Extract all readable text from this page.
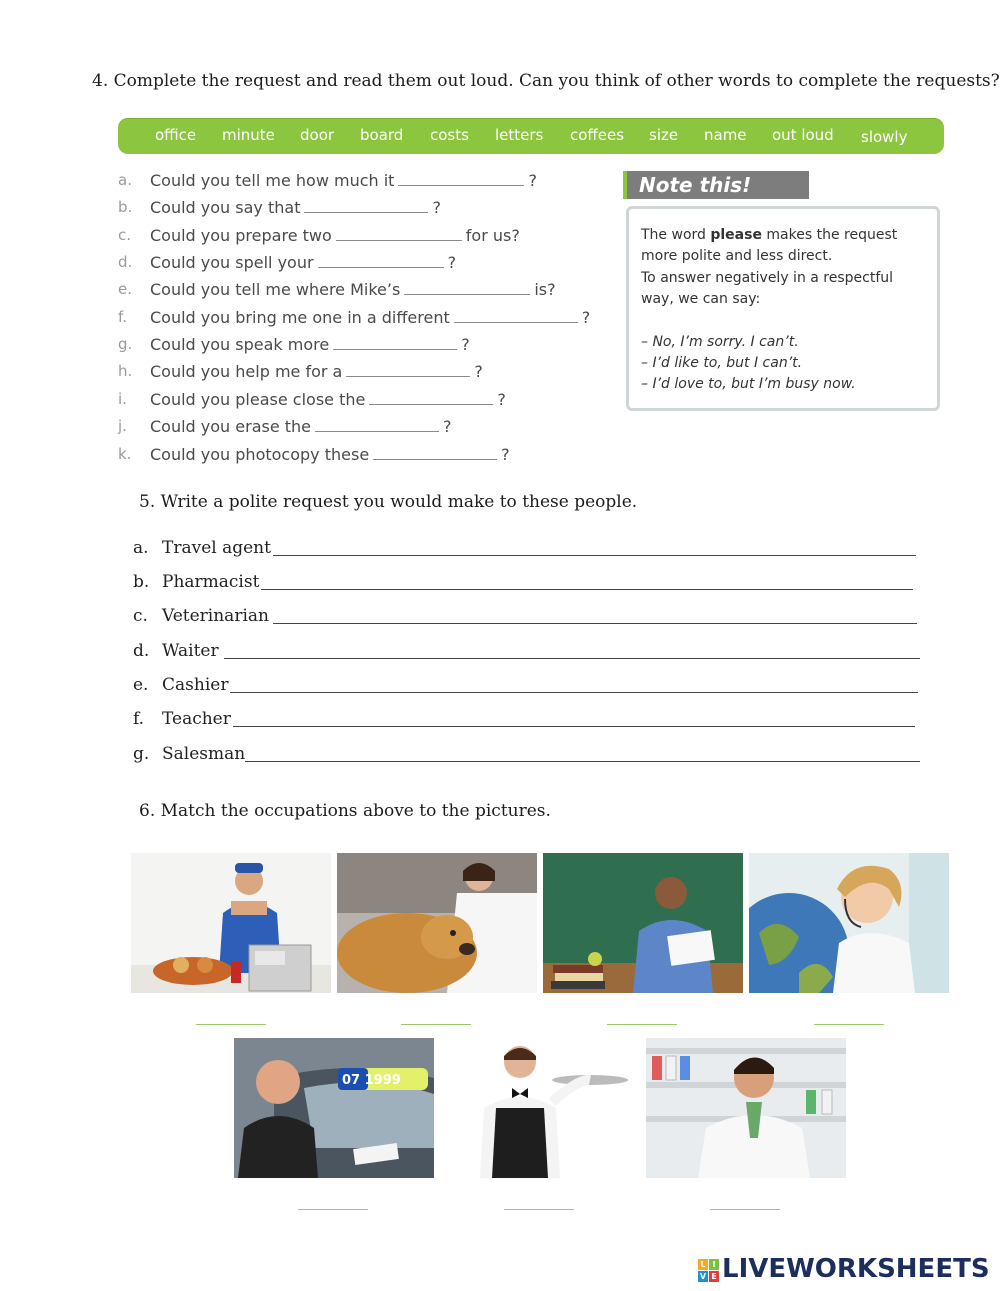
4. Complete the request and read them out loud. Can you think of other words to complete the requests?
office minute door board costs letters coffees size name out loud slowly
a. Could you tell me how much it	?
b. Could you say that	?
c. Could you prepare two	for us?
d. Could you spell your	?
e. Could you tell me where Mike’s	is?
f. Could you bring me one in a different	?
g. Could you speak more	?
h. Could you help me for a	?
i. Could you please close the	?
j. Could you erase the	?
k. Could you photocopy these	?
Note this!
The word please makes the request
more polite and less direct.
To answer negatively in a respectful
way, we can say:
– No, I’m sorry. I can’t.
– I’d like to, but I can’t.
– I’d love to, but I’m busy now.
5. Write a polite request you would make to these people.
a. Travel agent
b. Pharmacist
c. Veterinarian
d. Waiter
e. Cashier
f. Teacher
g. Salesman
6. Match the occupations above to the pictures.
07 1999
L I
V E LIVEWORKSHEETS
